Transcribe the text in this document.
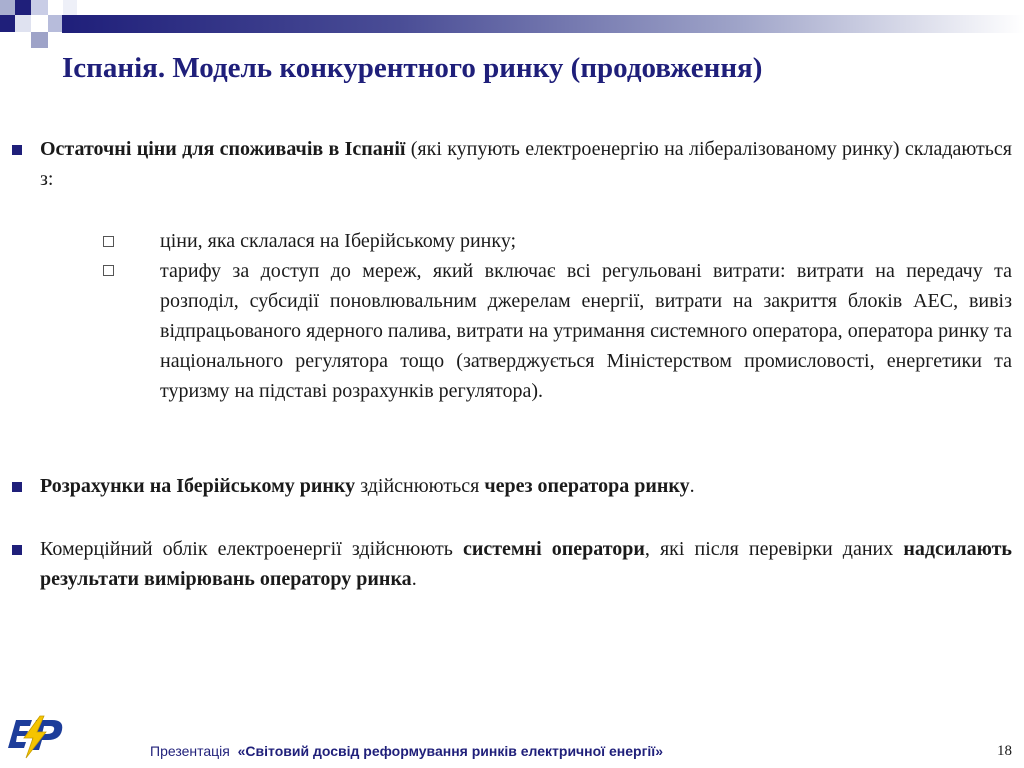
Іспанія. Модель конкурентного ринку (продовження)

Остаточні ціни для споживачів в Іспанії (які купують електроенергію на лібералізованому ринку) складаються з:

ціни, яка склалася на Іберійському ринку;

тарифу за доступ до мереж, який включає всі регульовані витрати: витрати на передачу та розподіл, субсидії поновлювальним джерелам енергії, витрати на закриття блоків АЕС, вивіз відпрацьованого ядерного палива, витрати на утримання системного оператора, оператора ринку та національного регулятора тощо (затверджується Міністерством промисловості, енергетики та туризму на підставі розрахунків регулятора).

Розрахунки на Іберійському ринку здійснюються через оператора ринку.

Комерційний облік електроенергії здійснюють системні оператори, які після перевірки даних надсилають результати вимірювань оператору ринка.

Презентація «Світовий досвід реформування ринків електричної енергії»	18
